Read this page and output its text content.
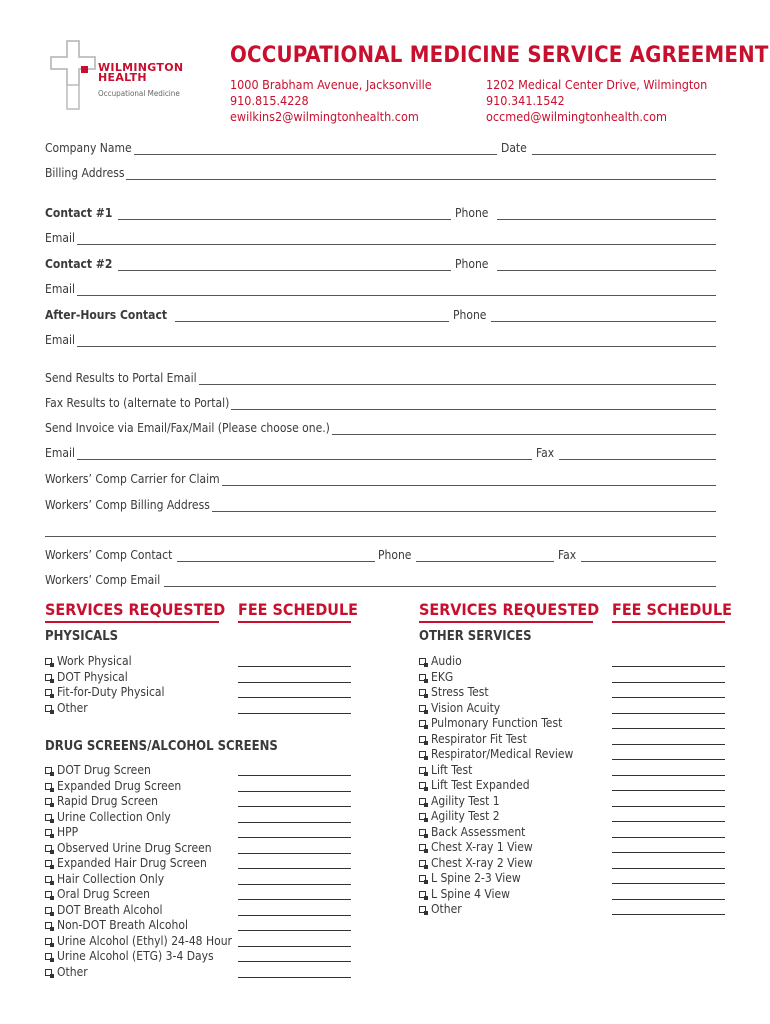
WILMINGTON
HEALTH
Occupational Medicine
OCCUPATIONAL MEDICINE SERVICE AGREEMENT
1000 Brabham Avenue, Jacksonville
910.815.4228
ewilkins2@wilmingtonhealth.com
1202 Medical Center Drive, Wilmington
910.341.1542
occmed@wilmingtonhealth.com
Company Name	Date
Billing Address
Contact #1	Phone
Email
Contact #2	Phone
Email
After-Hours Contact	Phone
Email
Send Results to Portal Email
Fax Results to (alternate to Portal)
Send Invoice via Email/Fax/Mail (Please choose one.)
Email	Fax
Workers’ Comp Carrier for Claim
Workers’ Comp Billing Address
Workers’ Comp Contact	Phone	Fax
Workers’ Comp Email
SERVICES REQUESTED FEE SCHEDULE	SERVICES REQUESTED FEE SCHEDULE
PHYSICALS
DRUG SCREENS/ALCOHOL SCREENS
OTHER SERVICES
Work Physical
DOT Physical
Fit-for-Duty Physical
Other
DOT Drug Screen
Expanded Drug Screen
Rapid Drug Screen
Urine Collection Only
HPP
Observed Urine Drug Screen
Expanded Hair Drug Screen
Hair Collection Only
Oral Drug Screen
DOT Breath Alcohol
Non-DOT Breath Alcohol
Urine Alcohol (Ethyl) 24-48 Hour
Urine Alcohol (ETG) 3-4 Days
Other
Audio
EKG
Stress Test
Vision Acuity
Pulmonary Function Test
Respirator Fit Test
Respirator/Medical Review
Lift Test
Lift Test Expanded
Agility Test 1
Agility Test 2
Back Assessment
Chest X-ray 1 View
Chest X-ray 2 View
L Spine 2-3 View
L Spine 4 View
Other
